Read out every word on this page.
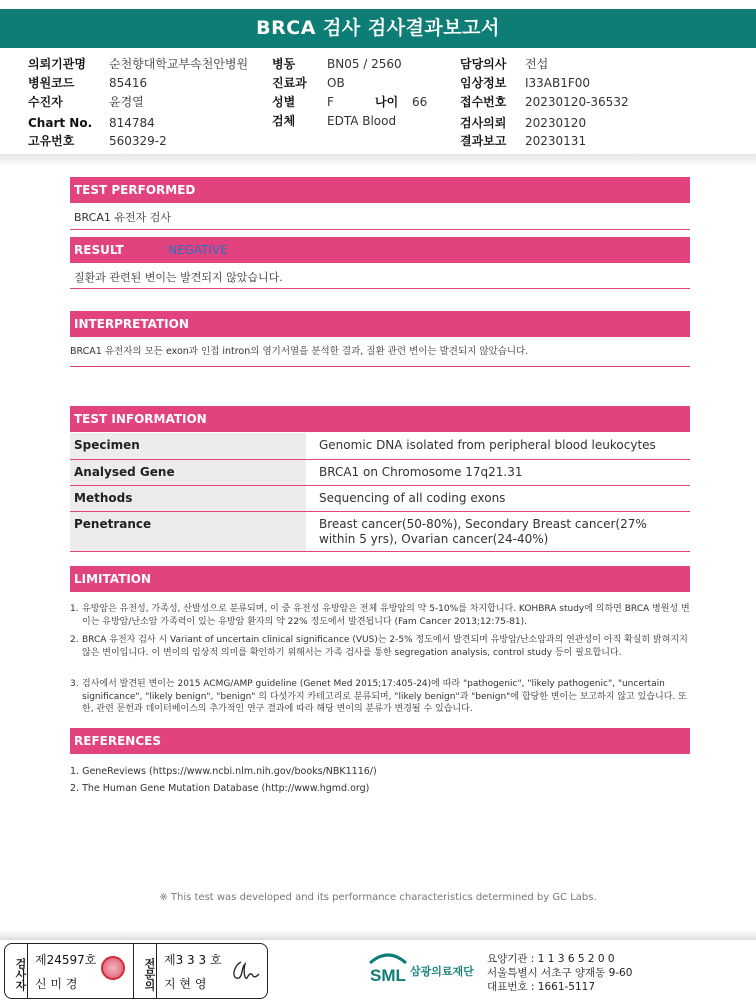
BRCA 검사 검사결과보고서
의뢰기관명 순천향대학교부속천안병원
병원코드	85416
수진자	윤경열
Chart No. 814784
고유번호	560329-2
병동	BN05 / 2560
진료과 OB
성별	F	나이 66
검체	EDTA Blood
담당의사 전섭
임상정보 I33AB1F00
접수번호 20230120-36532
검사의뢰 20230120
결과보고 20230131
TEST PERFORMED
BRCA1 유전자 검사
RESULT	NEGATIVE
질환과 관련된 변이는 발견되지 않았습니다.
INTERPRETATION
BRCA1 유전자의 모든 exon과 인접 intron의 염기서열을 분석한 결과, 질환 관련 변이는 발견되지 않았습니다.
TEST INFORMATION
Specimen	Genomic DNA isolated from peripheral blood leukocytes
Analysed Gene	BRCA1 on Chromosome 17q21.31
Methods	Sequencing of all coding exons
Penetrance	Breast cancer(50-80%), Secondary Breast cancer(27% within 5 yrs), Ovarian cancer(24-40%)
LIMITATION
1. 유방암은 유전성, 가족성, 산발성으로 분류되며, 이 중 유전성 유방암은 전체 유방암의 약 5-10%를 차지합니다. KOHBRA study에 의하면 BRCA 병원성 변이는 유방암/난소암 가족력이 있는 유방암 환자의 약 22% 정도에서 발견됩니다 (Fam Cancer 2013;12:75-81).
2. BRCA 유전자 검사 시 Variant of uncertain clinical significance (VUS)는 2-5% 정도에서 발견되며 유방암/난소암과의 연관성이 아직 확실히 밝혀지지 않은 변이입니다. 이 변이의 임상적 의미를 확인하기 위해서는 가족 검사를 통한 segregation analysis, control study 등이 필요합니다.
3. 검사에서 발견된 변이는 2015 ACMG/AMP guideline (Genet Med 2015;17:405-24)에 따라 "pathogenic", "likely pathogenic", "uncertain significance", "likely benign", "benign" 의 다섯가지 카테고리로 분류되며, "likely benign"과 "benign"에 합당한 변이는 보고하지 않고 있습니다. 또한, 관련 문헌과 데이터베이스의 추가적인 연구 결과에 따라 해당 변이의 분류가 변경될 수 있습니다.
REFERENCES
1. GeneReviews (https://www.ncbi.nlm.nih.gov/books/NBK1116/)
2. The Human Gene Mutation Database (http://www.hgmd.org)
※ This test was developed and its performance characteristics determined by GC Labs.
검사자 제24597호
신 미 경	전문의 제3 3 3 호
지 현 영	SML 삼광의료재단
요양기관 : 1 1 3 6 5 2 0 0
서울특별시 서초구 양재동 9-60
대표번호 : 1661-5117
